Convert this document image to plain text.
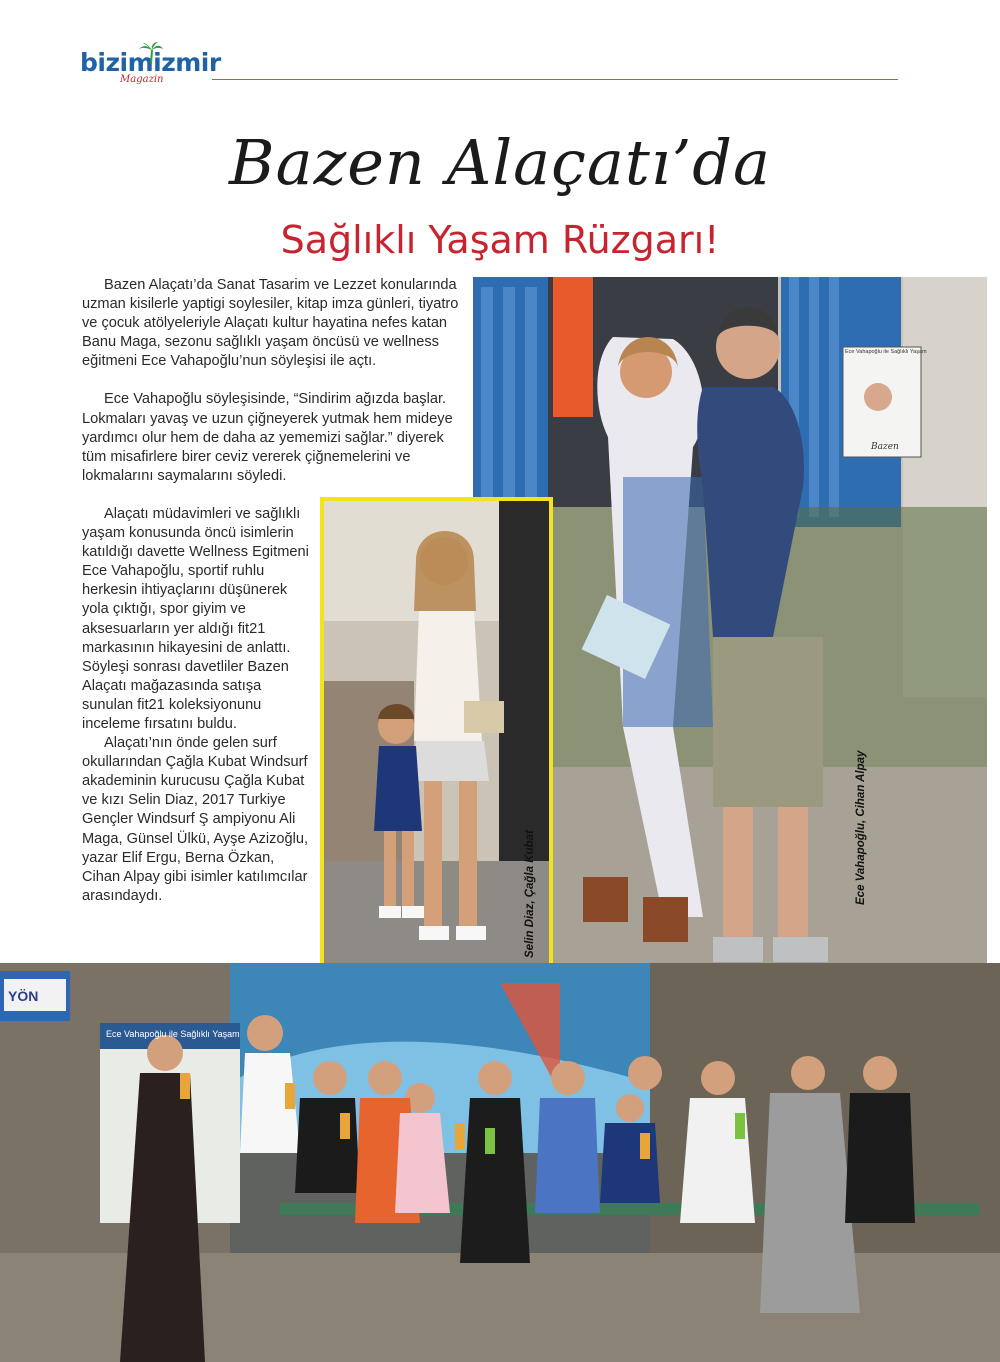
bizimizmir
Magazin
Bazen Alaçatı’da
Sağlıklı Yaşam Rüzgarı!

Bazen Alaçatı’da Sanat Tasarim ve Lezzet konularında uzman kisilerle yaptigi soylesiler, kitap imza günleri, tiyatro ve çocuk atölyeleriyle Alaçatı kultur hayatina nefes katan Banu Maga, sezonu sağlıklı yaşam öncüsü ve wellness eğitmeni Ece Vahapoğlu’nun söyleşisi ile açtı.

Ece Vahapoğlu söyleşisinde, “Sindirim ağızda başlar. Lokmaları yavaş ve uzun çiğneyerek yutmak hem mideye yardımcı olur hem de daha az yememizi sağlar.” diyerek tüm misafirlere birer ceviz vererek çiğnemelerini ve lokmalarını saymalarını söyledi.

Alaçatı müdavimleri ve sağlıklı yaşam konusunda öncü isimlerin katıldığı davette Wellness Egitmeni Ece Vahapoğlu, sportif ruhlu herkesin ihtiyaçlarını düşünerek yola çıktığı, spor giyim ve aksesuarların yer aldığı fit21 markasının hikayesini de anlattı. Söyleşi sonrası davetliler Bazen Alaçatı mağazasında satışa sunulan fit21 koleksiyonunu inceleme fırsatını buldu.

Alaçatı’nın önde gelen surf okullarından Çağla Kubat Windsurf akademinin kurucusu Çağla Kubat ve kızı Selin Diaz, 2017 Turkiye Gençler Windsurf Ş ampiyonu Ali Maga, Günsel Ülkü, Ayşe Azizoğlu, yazar Elif Ergu, Berna Özkan, Cihan Alpay gibi isimler katılımcılar arasındaydı.

Ece Vahapoğlu ile Sağlıklı Yaşam
Bazen
Ece Vahapoğlu, Cihan Alpay
Selin Diaz, Çağla Kubat
YÖN
Ece Vahapoğlu ile Sağlıklı Yaşam
